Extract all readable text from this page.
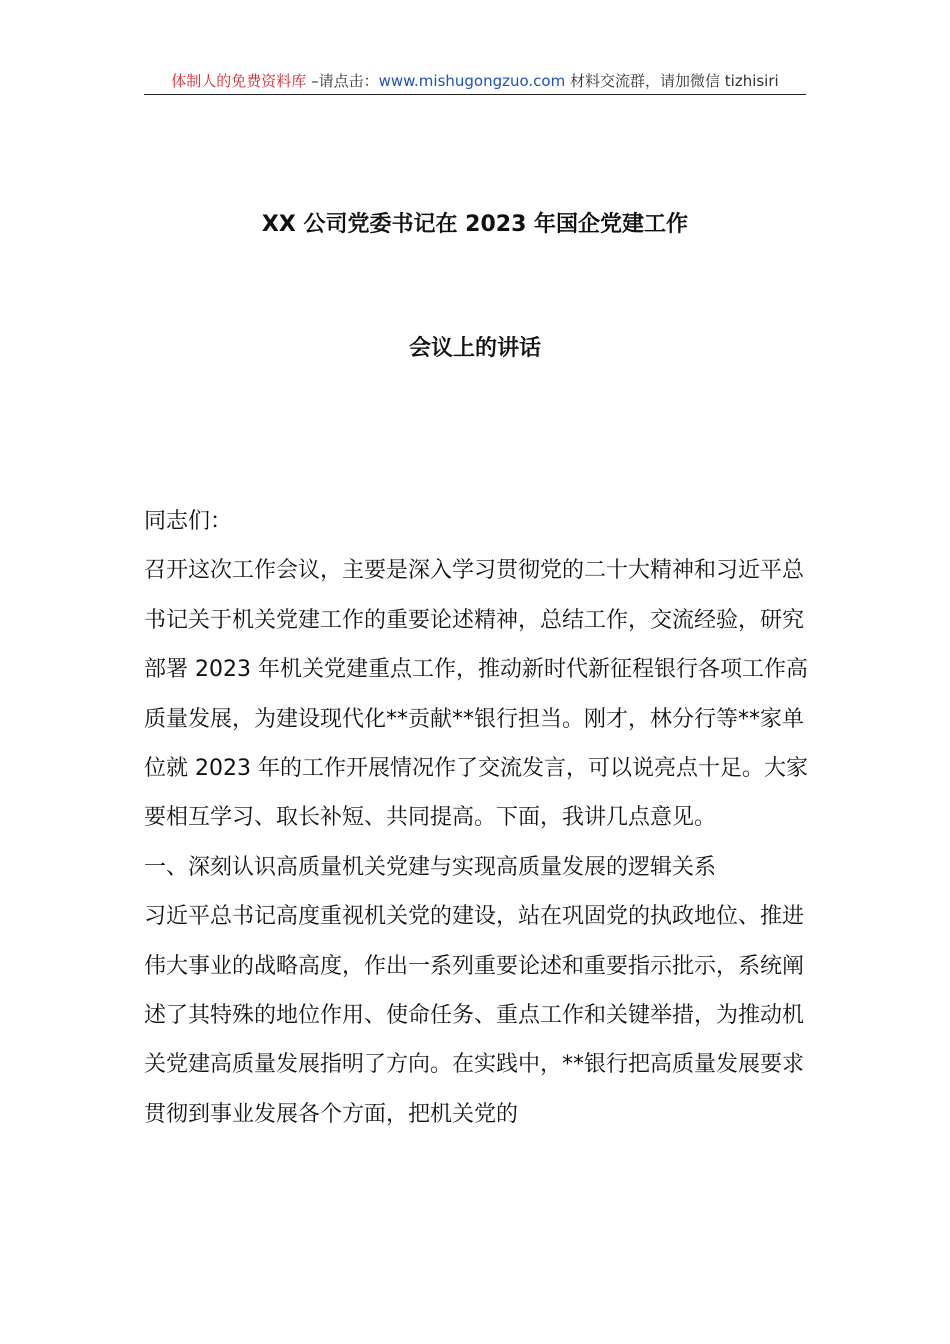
体制人的免费资料库 –请点击：www.mishugongzuo.com 材料交流群，请加微信 tizhisiri
XX 公司党委书记在 2023 年国企党建工作
会议上的讲话

同志们：

召开这次工作会议，主要是深入学习贯彻党的二十大精神和习近平总书记关于机关党建工作的重要论述精神，总结工作，交流经验，研究部署 2023 年机关党建重点工作，推动新时代新征程银行各项工作高质量发展，为建设现代化**贡献**银行担当。刚才，林分行等**家单位就 2023 年的工作开展情况作了交流发言，可以说亮点十足。大家要相互学习、取长补短、共同提高。下面，我讲几点意见。

一、深刻认识高质量机关党建与实现高质量发展的逻辑关系

习近平总书记高度重视机关党的建设，站在巩固党的执政地位、推进伟大事业的战略高度，作出一系列重要论述和重要指示批示，系统阐述了其特殊的地位作用、使命任务、重点工作和关键举措，为推动机关党建高质量发展指明了方向。在实践中，**银行把高质量发展要求贯彻到事业发展各个方面，把机关党的
